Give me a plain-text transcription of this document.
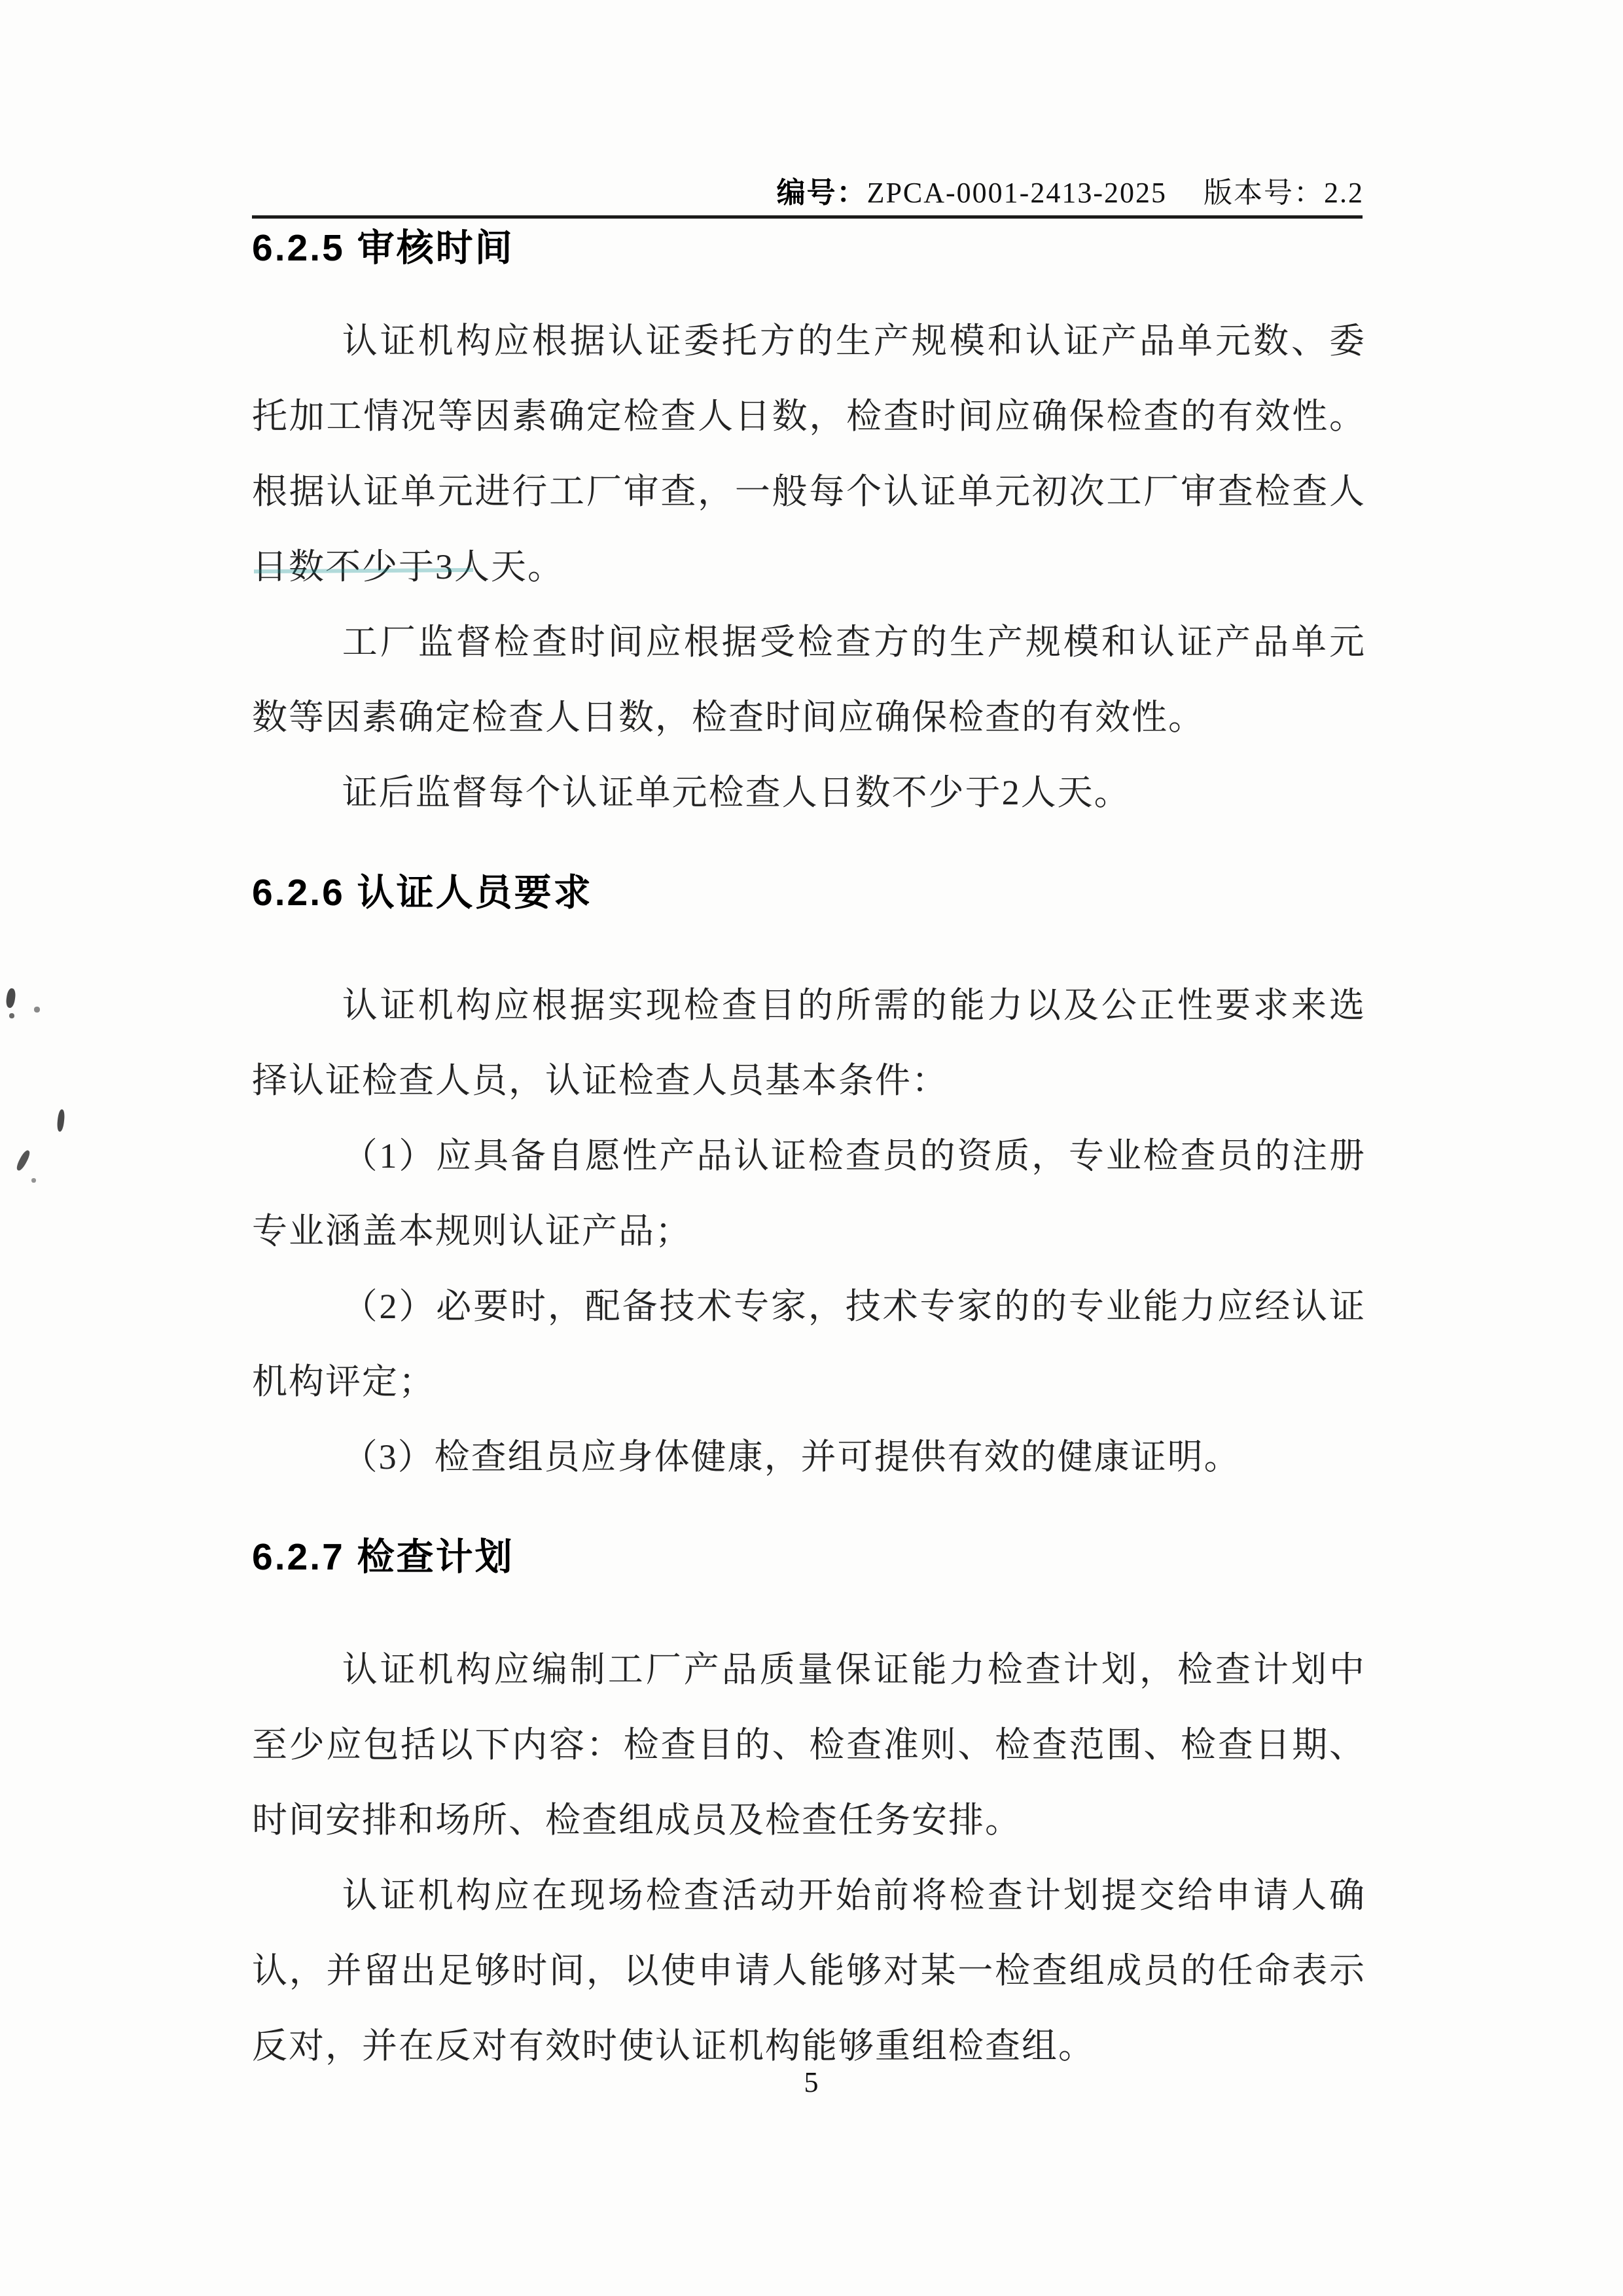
编号：ZPCA-0001-2413-2025 版本号：2.2
6.2.5 审核时间

认证机构应根据认证委托方的生产规模和认证产品单元数、委托加工情况等因素确定检查人日数，检查时间应确保检查的有效性。根据认证单元进行工厂审查，一般每个认证单元初次工厂审查检查人日数不少于3人天。

工厂监督检查时间应根据受检查方的生产规模和认证产品单元数等因素确定检查人日数，检查时间应确保检查的有效性。

证后监督每个认证单元检查人日数不少于2人天。

6.2.6 认证人员要求

认证机构应根据实现检查目的所需的能力以及公正性要求来选择认证检查人员，认证检查人员基本条件：

（1）应具备自愿性产品认证检查员的资质，专业检查员的注册专业涵盖本规则认证产品；

（2）必要时，配备技术专家，技术专家的的专业能力应经认证机构评定；

（3）检查组员应身体健康，并可提供有效的健康证明。

6.2.7 检查计划

认证机构应编制工厂产品质量保证能力检查计划，检查计划中至少应包括以下内容：检查目的、检查准则、检查范围、检查日期、时间安排和场所、检查组成员及检查任务安排。

认证机构应在现场检查活动开始前将检查计划提交给申请人确认，并留出足够时间，以使申请人能够对某一检查组成员的任命表示反对，并在反对有效时使认证机构能够重组检查组。

5
